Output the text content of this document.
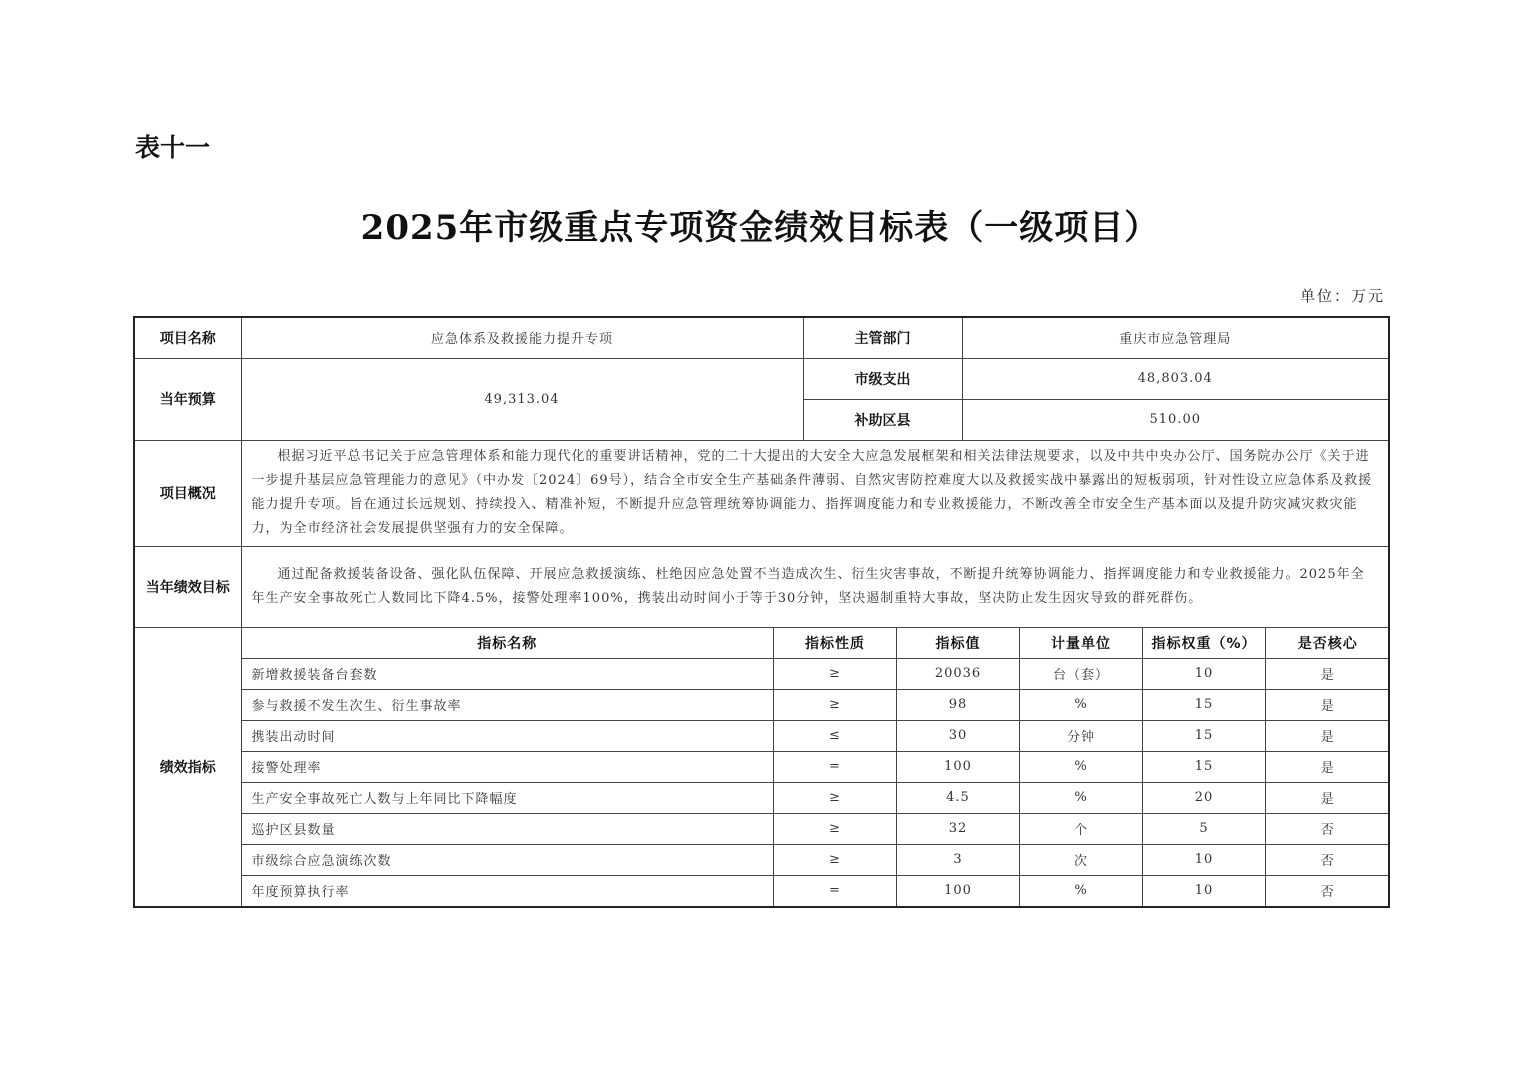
表十一
2025年市级重点专项资金绩效目标表（一级项目）
单位：万元
项目名称	应急体系及救援能力提升专项	主管部门	重庆市应急管理局
当年预算	49,313.04	市级支出	48,803.04
补助区县	510.00
项目概况	根据习近平总书记关于应急管理体系和能力现代化的重要讲话精神，党的二十大提出的大安全大应急发展框架和相关法律法规要求，以及中共中央办公厅、国务院办公厅《关于进一步提升基层应急管理能力的意见》（中办发〔2024〕69号），结合全市安全生产基础条件薄弱、自然灾害防控难度大以及救援实战中暴露出的短板弱项，针对性设立应急体系及救援能力提升专项。旨在通过长远规划、持续投入、精准补短，不断提升应急管理统筹协调能力、指挥调度能力和专业救援能力，不断改善全市安全生产基本面以及提升防灾减灾救灾能力，为全市经济社会发展提供坚强有力的安全保障。
当年绩效目标	通过配备救援装备设备、强化队伍保障、开展应急救援演练、杜绝因应急处置不当造成次生、衍生灾害事故，不断提升统筹协调能力、指挥调度能力和专业救援能力。2025年全年生产安全事故死亡人数同比下降4.5%，接警处理率100%，携装出动时间小于等于30分钟，坚决遏制重特大事故，坚决防止发生因灾导致的群死群伤。
绩效指标	
指标名称	指标性质	指标值	计量单位	指标权重（%）	是否核心
新增救援装备台套数	≥	20036	台（套）	10	是
参与救援不发生次生、衍生事故率	≥	98	%	15	是
携装出动时间	≤	30	分钟	15	是
接警处理率	=	100	%	15	是
生产安全事故死亡人数与上年同比下降幅度	≥	4.5	%	20	是
巡护区县数量	≥	32	个	5	否
市级综合应急演练次数	≥	3	次	10	否
年度预算执行率	=	100	%	10	否
